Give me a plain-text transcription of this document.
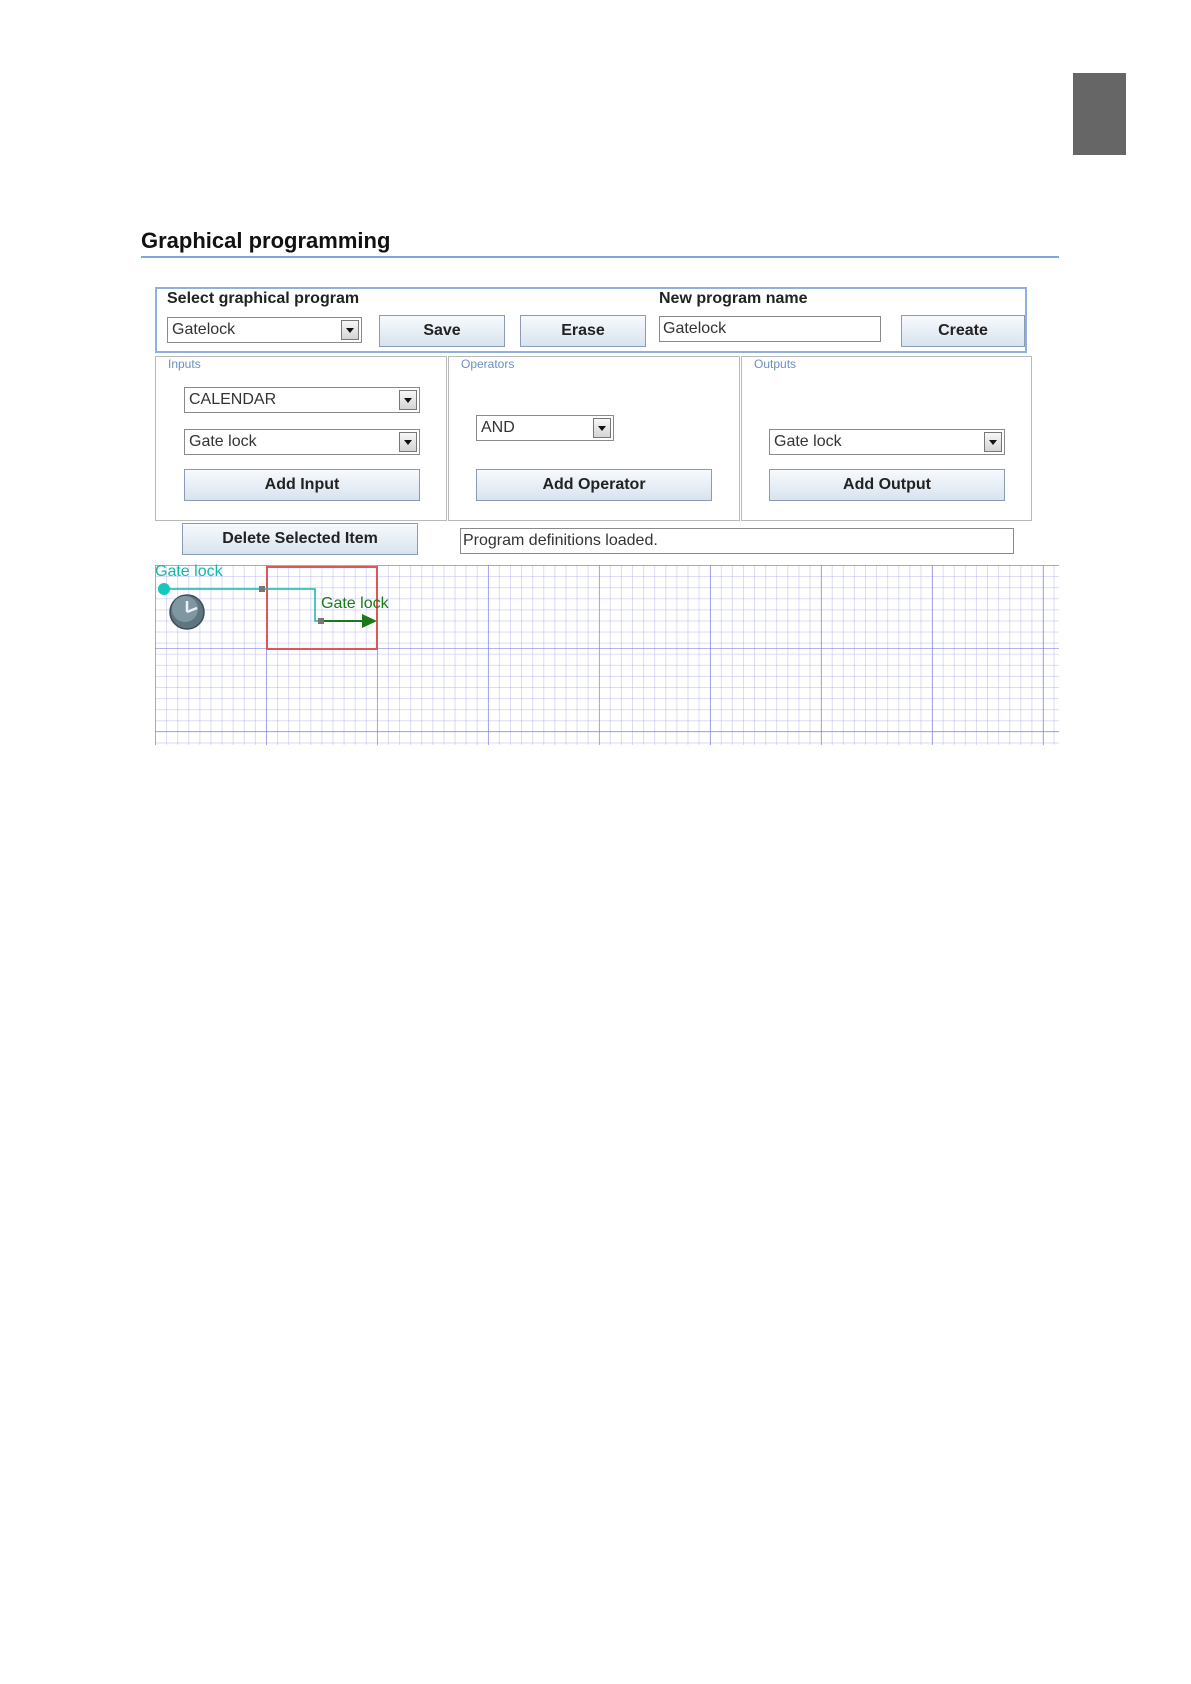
Graphical programming
Select graphical program
Gatelock	Save	Erase
New program name
Gatelock	Create
Inputs
CALENDAR
Gate lock
Add Input
Operators
AND
Add Operator
Outputs
Gate lock
Add Output
Delete Selected Item	Program definitions loaded.
Gate lock
Gate lock
